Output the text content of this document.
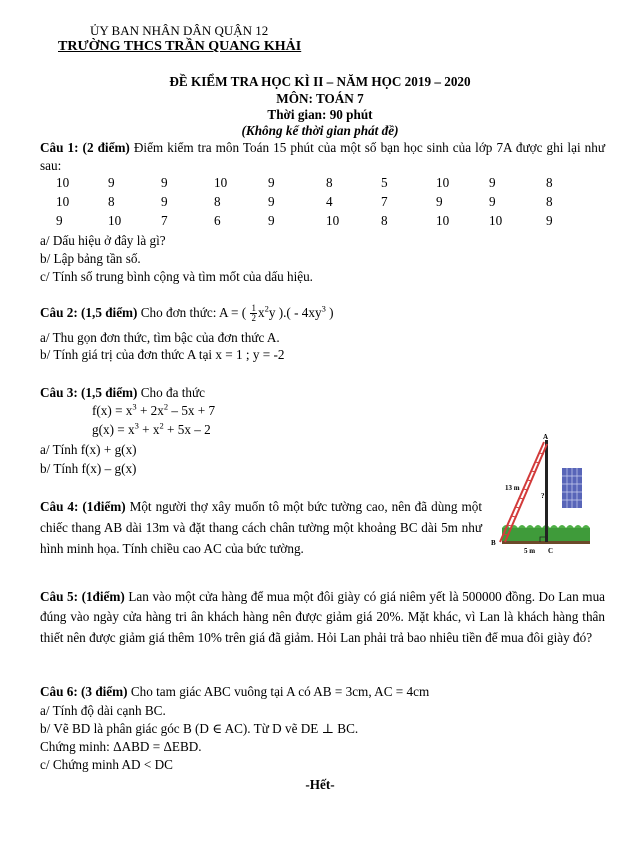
ỦY BAN NHÂN DÂN QUẬN 12
TRƯỜNG THCS TRẦN QUANG KHẢI
ĐỀ KIỂM TRA HỌC KÌ II – NĂM HỌC 2019 – 2020
MÔN: TOÁN 7
Thời gian: 90 phút
(Không kể thời gian phát đề)
Câu 1: (2 điểm) Điểm kiểm tra môn Toán 15 phút của một số bạn học sinh của lớp 7A được ghi lại như sau:
10	9	9	10	9	8	5	10	9	8
10	8	9	8	9	4	7	9	9	8
9	10	7	6	9	10	8	10	10	9
a/ Dấu hiệu ở đây là gì?
b/ Lập bảng tần số.
c/ Tính số trung bình cộng và tìm mốt của dấu hiệu.
Câu 2: (1,5 điểm) Cho đơn thức: A = ( $\frac{1}{2} x^2y$ ).( - $4xy^3$ )
a/ Thu gọn đơn thức, tìm bậc của đơn thức A.
b/ Tính giá trị của đơn thức A tại x = 1 ; y = -2
Câu 3: (1,5 điểm) Cho đa thức
$f(x) = x^3 + 2x^2 - 5x + 7$
$g(x) = x^3 + x^2 + 5x - 2$
a/ Tính f(x) + g(x)
b/ Tính f(x) – g(x)
Câu 4: (1điểm) Một người thợ xây muốn tô một bức tường cao, nên đã dùng một chiếc thang AB dài 13m và đặt thang cách chân tường một khoảng BC dài 5m như hình minh họa. Tính chiều cao AC của bức tường.
A
B
C
13 m
5 m
?
Câu 5: (1điểm) Lan vào một cửa hàng để mua một đôi giày có giá niêm yết là 500000 đồng. Do Lan mua đúng vào ngày cửa hàng tri ân khách hàng nên được giảm giá 20%. Mặt khác, vì Lan là khách hàng thân thiết nên được giảm giá thêm 10% trên giá đã giảm. Hỏi Lan phải trả bao nhiêu tiền để mua đôi giày đó?
Câu 6: (3 điểm) Cho tam giác ABC vuông tại A có AB = 3cm, AC = 4cm
a/ Tính độ dài cạnh BC.
b/ Vẽ BD là phân giác góc B (D ∈ AC). Từ D vẽ DE ⊥ BC.
Chứng minh: ΔABD = ΔEBD.
c/ Chứng minh AD < DC
-Hết-
